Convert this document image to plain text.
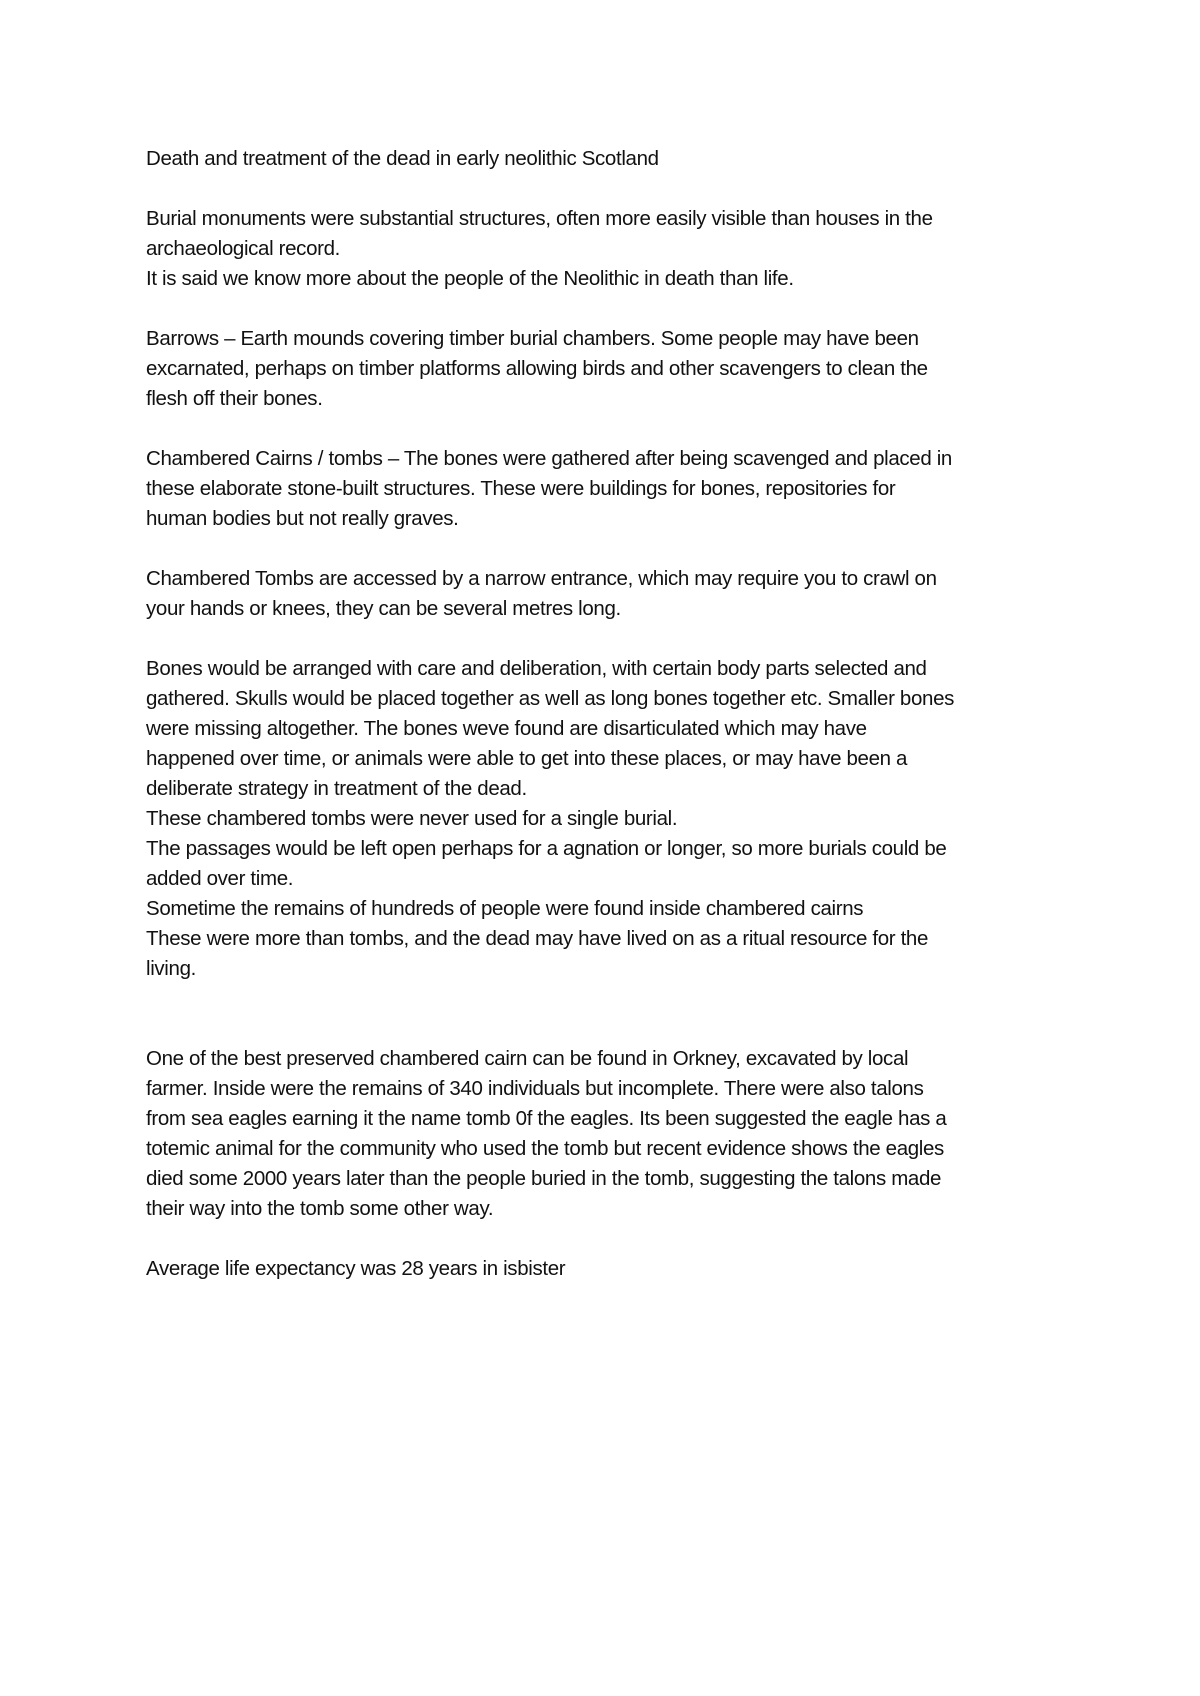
Death and treatment of the dead in early neolithic Scotland

Burial monuments were substantial structures, often more easily visible than houses in the
archaeological record.
It is said we know more about the people of the Neolithic in death than life.

Barrows – Earth mounds covering timber burial chambers. Some people may have been
excarnated, perhaps on timber platforms allowing birds and other scavengers to clean the
flesh off their bones.

Chambered Cairns / tombs – The bones were gathered after being scavenged and placed in
these elaborate stone-built structures. These were buildings for bones, repositories for
human bodies but not really graves.

Chambered Tombs are accessed by a narrow entrance, which may require you to crawl on
your hands or knees, they can be several metres long.

Bones would be arranged with care and deliberation, with certain body parts selected and
gathered. Skulls would be placed together as well as long bones together etc. Smaller bones
were missing altogether. The bones weve found are disarticulated which may have
happened over time, or animals were able to get into these places, or may have been a
deliberate strategy in treatment of the dead.
These chambered tombs were never used for a single burial.
The passages would be left open perhaps for a agnation or longer, so more burials could be
added over time.
Sometime the remains of hundreds of people were found inside chambered cairns
These were more than tombs, and the dead may have lived on as a ritual resource for the
living.

One of the best preserved chambered cairn can be found in Orkney, excavated by local
farmer. Inside were the remains of 340 individuals but incomplete. There were also talons
from sea eagles earning it the name tomb 0f the eagles. Its been suggested the eagle has a
totemic animal for the community who used the tomb but recent evidence shows the eagles
died some 2000 years later than the people buried in the tomb, suggesting the talons made
their way into the tomb some other way.

Average life expectancy was 28 years in isbister
